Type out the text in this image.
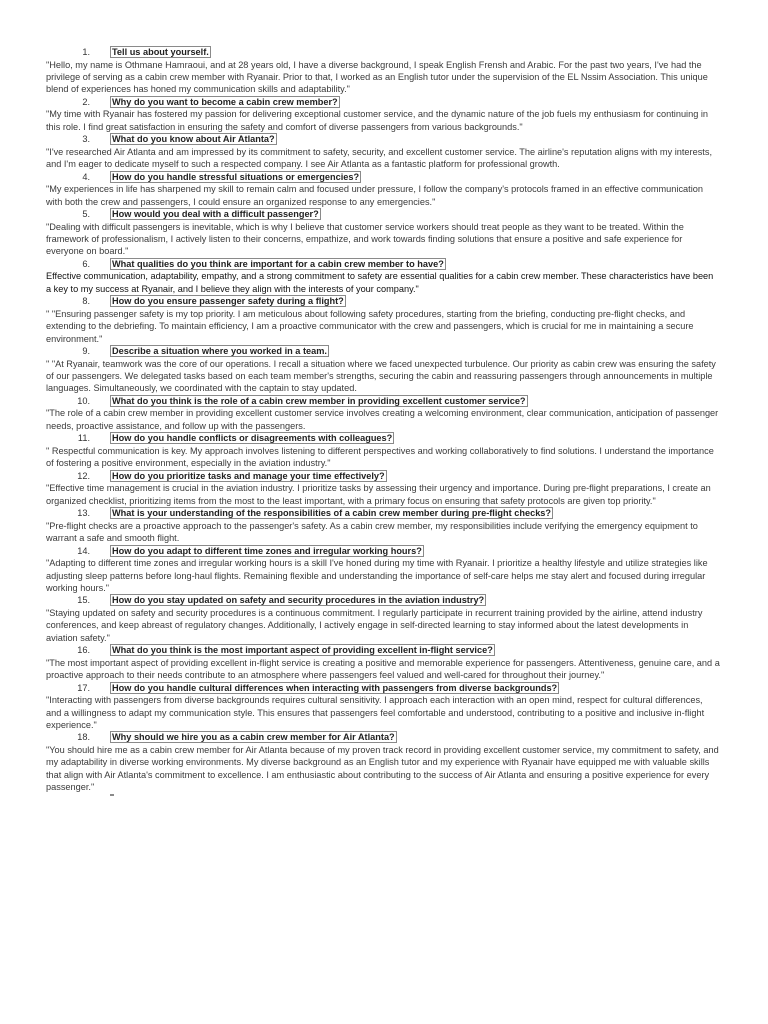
1.	Tell us about yourself.

"Hello, my name is Othmane Hamraoui, and at 28 years old, I have a diverse background, I speak English Frensh and Arabic. For the past two years, I've had the privilege of serving as a cabin crew member with Ryanair. Prior to that, I worked as an English tutor under the supervision of the EL Nssim Association. This unique blend of experiences has honed my communication skills and adaptability."

2.	Why do you want to become a cabin crew member?

"My time with Ryanair has fostered my passion for delivering exceptional customer service, and the dynamic nature of the job fuels my enthusiasm for continuing in this role. I find great satisfaction in ensuring the safety and comfort of diverse passengers from various backgrounds."

3.	What do you know about Air Atlanta?

"I've researched Air Atlanta and am impressed by its commitment to safety, security, and excellent customer service. The airline's reputation aligns with my interests, and I'm eager to dedicate myself to such a respected company. I see Air Atlanta as a fantastic platform for professional growth.

4.	How do you handle stressful situations or emergencies?

"My experiences in life has sharpened my skill to remain calm and focused under pressure, I follow the company's protocols framed in an effective communication with both the crew and passengers, I could ensure an organized response to any emergencies."

5.	How would you deal with a difficult passenger?

"Dealing with difficult passengers is inevitable, which is why I believe that customer service workers should treat people as they want to be treated. Within the framework of professionalism, I actively listen to their concerns, empathize, and work towards finding solutions that ensure a positive and safe experience for everyone on board."

6.	What qualities do you think are important for a cabin crew member to have?

Effective communication, adaptability, empathy, and a strong commitment to safety are essential qualities for a cabin crew member. These characteristics have been a key to my success at Ryanair, and I believe they align with the interests of your company."

8.	How do you ensure passenger safety during a flight?

" "Ensuring passenger safety is my top priority. I am meticulous about following safety procedures, starting from the briefing, conducting pre-flight checks, and extending to the debriefing. To maintain efficiency, I am a proactive communicator with the crew and passengers, which is crucial for me in maintaining a secure environment."

9.	Describe a situation where you worked in a team.

" "At Ryanair, teamwork was the core of our operations. I recall a situation where we faced unexpected turbulence. Our priority as cabin crew was ensuring the safety of our passengers. We delegated tasks based on each team member's strengths, securing the cabin and reassuring passengers through announcements in multiple languages. Simultaneously, we coordinated with the captain to stay updated.

10.	What do you think is the role of a cabin crew member in providing excellent customer service?

"The role of a cabin crew member in providing excellent customer service involves creating a welcoming environment, clear communication, anticipation of passenger needs, proactive assistance, and follow up with the passengers.

11.	How do you handle conflicts or disagreements with colleagues?

" Respectful communication is key. My approach involves listening to different perspectives and working collaboratively to find solutions. I understand the importance of fostering a positive environment, especially in the aviation industry."

12.	How do you prioritize tasks and manage your time effectively?

"Effective time management is crucial in the aviation industry. I prioritize tasks by assessing their urgency and importance. During pre-flight preparations, I create an organized checklist, prioritizing items from the most to the least important, with a primary focus on ensuring that safety protocols are given top priority."

13.	What is your understanding of the responsibilities of a cabin crew member during pre-flight checks?

"Pre-flight checks are a proactive approach to the passenger's safety. As a cabin crew member, my responsibilities include verifying the emergency equipment to warrant a safe and smooth flight.

14.	How do you adapt to different time zones and irregular working hours?

"Adapting to different time zones and irregular working hours is a skill I've honed during my time with Ryanair. I prioritize a healthy lifestyle and utilize strategies like adjusting sleep patterns before long-haul flights. Remaining flexible and understanding the importance of self-care helps me stay alert and focused during irregular working hours."

15.	How do you stay updated on safety and security procedures in the aviation industry?

"Staying updated on safety and security procedures is a continuous commitment. I regularly participate in recurrent training provided by the airline, attend industry conferences, and keep abreast of regulatory changes. Additionally, I actively engage in self-directed learning to stay informed about the latest developments in aviation safety."

16.	What do you think is the most important aspect of providing excellent in-flight service?

"The most important aspect of providing excellent in-flight service is creating a positive and memorable experience for passengers. Attentiveness, genuine care, and a proactive approach to their needs contribute to an atmosphere where passengers feel valued and well-cared for throughout their journey."

17.	How do you handle cultural differences when interacting with passengers from diverse backgrounds?

"Interacting with passengers from diverse backgrounds requires cultural sensitivity. I approach each interaction with an open mind, respect for cultural differences, and a willingness to adapt my communication style. This ensures that passengers feel comfortable and understood, contributing to a positive and inclusive in-flight experience."

18.	Why should we hire you as a cabin crew member for Air Atlanta?

"You should hire me as a cabin crew member for Air Atlanta because of my proven track record in providing excellent customer service, my commitment to safety, and my adaptability in diverse working environments. My diverse background as an English tutor and my experience with Ryanair have equipped me with valuable skills that align with Air Atlanta's commitment to excellence. I am enthusiastic about contributing to the success of Air Atlanta and ensuring a positive experience for every passenger."
